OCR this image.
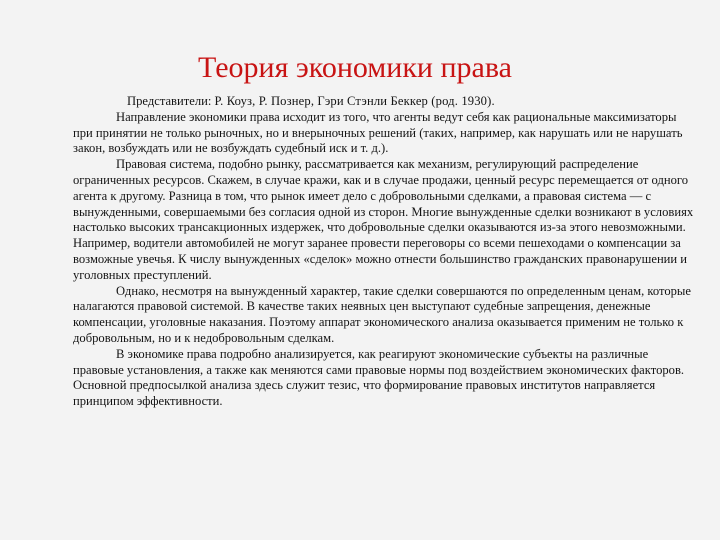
Теория экономики права

Представители: Р. Коуз, Р. Познер, Гэри Стэнли Беккер (род. 1930).

Направление экономики права исходит из того, что агенты ведут себя как рациональные максимизаторы при принятии не только рыночных, но и внерыночных решений (таких, например, как нарушать или не нарушать закон, возбуждать или не возбуждать судебный иск и т. д.).

Правовая система, подобно рынку, рассматривается как механизм, регулирующий распределение ограниченных ресурсов. Скажем, в случае кражи, как и в случае продажи, ценный ресурс перемещается от одного агента к другому. Разница в том, что рынок имеет дело с добровольными сделками, а правовая система — с вынужденными, совершаемыми без согласия одной из сторон. Многие вынужденные сделки возникают в условиях настолько высоких трансакционных издержек, что добровольные сделки оказываются из-за этого невозможными. Например, водители автомобилей не могут заранее провести переговоры со всеми пешеходами о компенсации за возможные увечья. К числу вынужденных «сделок» можно отнести большинство гражданских правонарушении и уголовных преступлений.

Однако, несмотря на вынужденный характер, такие сделки совершаются по определенным ценам, которые налагаются правовой системой. В качестве таких неявных цен выступают судебные запрещения, денежные компенсации, уголовные наказания. Поэтому аппарат экономического анализа оказывается применим не только к добровольным, но и к недобровольным сделкам.

В экономике права подробно анализируется, как реагируют экономические субъекты на различные правовые установления, а также как меняются сами правовые нормы под воздействием экономических факторов. Основной предпосылкой анализа здесь служит тезис, что формирование правовых институтов направляется принципом эффективности.
